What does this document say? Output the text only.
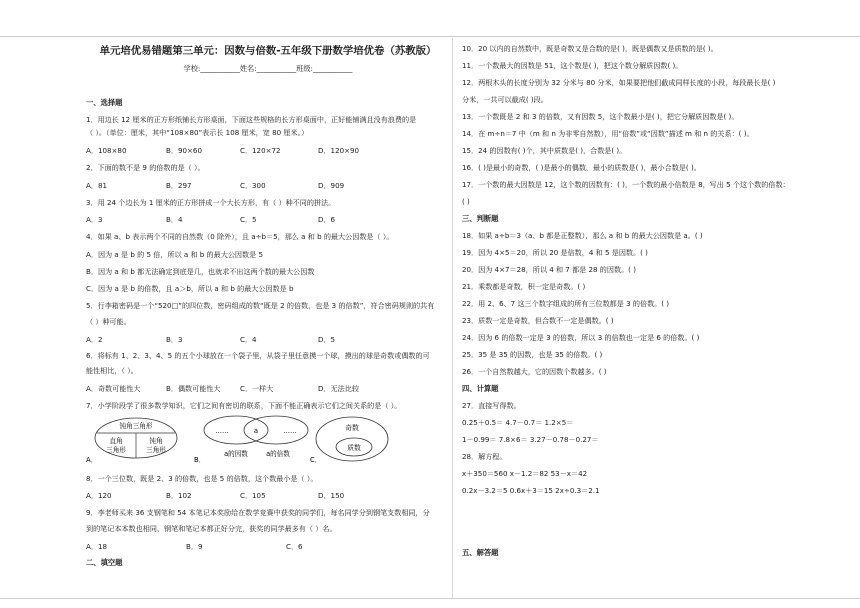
单元培优易错题第三单元：因数与倍数-五年级下册数学培优卷（苏教版）
学校:___________姓名:___________班级:___________
一、选择题
1．用边长 12 厘米的正方形纸铺长方形桌面，下面这些规格的长方形桌面中，正好能铺满且没有浪费的是
（ ）。（单位：厘米，其中“108×80”表示长 108 厘米，宽 80 厘米。）
A．108×80	B．90×60	C．120×72	D．120×90
2．下面的数不是 9 的倍数的是（ ）。
A．81	B．297	C．300	D．909
3．用 24 个边长为 1 厘米的正方形拼成一个大长方形，有（ ）种不同的拼法。
A．3	B．4	C．5	D．6
4．如果 a、b 表示两个不同的自然数（0 除外），且 a÷b＝5，那么 a 和 b 的最大公因数是（ ）。
A．因为 a 是 b 的 5 倍，所以 a 和 b 的最大公因数是 5
B．因为 a 和 b 都无法确定到底是几，也就求不出这两个数的最大公因数
C．因为 a 是 b 的倍数，且 a＞b，所以 a 和 b 的最大公因数是 b
5．行李箱密码是一个“520□”的四位数，密码组成的数“既是 2 的倍数，也是 3 的倍数”，符合密码规则的共有
（ ）种可能。
A．2	B．3	C．4	D．5
6．将标有 1、2、3、4、5 的五个小球放在一个袋子里，从袋子里任意摸一个球，摸出的球是奇数或偶数的可
能性相比，（ ）。
A．奇数可能性大	B．偶数可能性大	C．一样大	D．无法比较
7．小学阶段学了很多数学知识，它们之间有密切的联系，下面不能正确表示它们之间关系的是（ ）。
钝角三角形
直角
三角形
钝角
三角形
A．
……	a	……
a的因数	a的倍数
B．
奇数
质数
C．
8．一个三位数，既是 2、3 的倍数，也是 5 的倍数，这个数最小是（ ）。
A．120	B．102	C．105	D．150
9．李老师买来 36 支钢笔和 54 本笔记本奖励给在数学竞赛中获奖的同学们，每名同学分到钢笔支数相同，分
到的笔记本本数也相同，钢笔和笔记本都正好分完，获奖的同学最多有（ ）名。
A．18	B．9	C．6
二、填空题
10．20 以内的自然数中，既是奇数又是合数的是( )，既是偶数又是质数的是( )。
11．一个数最大的因数是 51，这个数是( )，把这个数分解质因数( )。
12．两根木头的长度分别为 32 分米与 80 分米，如果要把他们截成同样长度的小段，每段最长是( )
分米，一共可以截成( )段。
13．一个数既是 2 和 3 的倍数，又有因数 5，这个数最小是( )，把它分解质因数是( )。
14．在 m÷n＝7 中（m 和 n 为非零自然数），用“倍数”或“因数”描述 m 和 n 的关系：( )。
15．24 的因数有( )个，其中质数是( )，合数是( )。
16．( )是最小的奇数，( )是最小的偶数，最小的质数是( )，最小合数是( )。
17．一个数的最大因数是 12，这个数的因数有：( )，一个数的最小倍数是 8，写出 5 个这个数的倍数：
( )
三、判断题
18．如果 a÷b＝3（a、b 都是正整数），那么 a 和 b 的最大公因数是 a。( )
19．因为 4×5＝20，所以 20 是倍数，4 和 5 是因数。( )
20．因为 4×7＝28，所以 4 和 7 都是 28 的因数。( )
21．乘数都是奇数，积一定是奇数。( )
22．用 2、6、7 这三个数字组成的所有三位数都是 3 的倍数。( )
23．质数一定是奇数，但合数不一定是偶数。( )
24．因为 6 的倍数一定是 3 的倍数，所以 3 的倍数也一定是 6 的倍数。( )
25．35 是 35 的因数，也是 35 的倍数。( )
26．一个自然数越大，它的因数个数越多。( )
四、计算题
27．直接写得数。
0.25＋0.5＝ 4.7－0.7＝ 1.2×5＝
1－0.99＝ 7.8×6＝ 3.27－0.78－0.27＝
28．解方程。
x＋350＝560 x－1.2＝82 53－x＝42
0.2x－3.2＝5 0.6x＋3＝15 2x÷0.3＝2.1
五、解答题
